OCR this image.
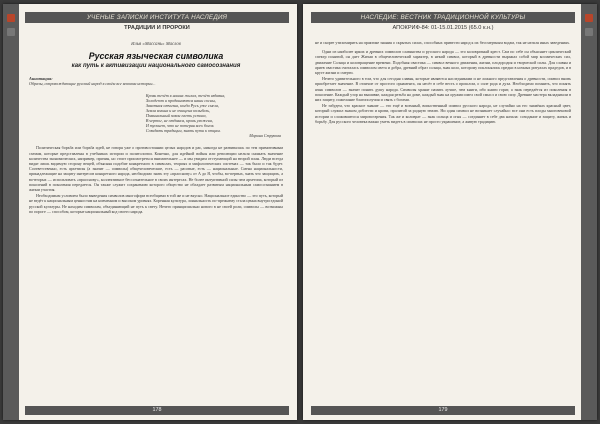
УЧЕНЫЕ ЗАПИСКИ ИНСТИТУТА НАСЛЕДИЯ
ТРАДИЦИИ И ПРОРОКИ
Илья «Массань» Маслов
Русская языческая символика
как путь к активизации национального самосознания
Аннотация:
Образы, сопровождающие русский народ в своём все вековом истории...
Кровь течёт в наших жилах, течёт издавна,
Холодеют и продвигаются наши сосны,
Заветная отчизна, когда Русь уже смела,
Земля вольна и не очищена колыбель,
Поминальный закон плеть устала,
В чертог, не отдамся, кровь ухожена,
И тускнет, что не потерян всех богов.
Созидать традиции, знать пути к отцам.
Марина Струкова

Политическая борьба или борьба идей, не говоря уже о противостоянии целых народов и рас, никогда не развивалась по тем примитивным схемам, которые представлены в учебниках истории и политологии. Конечно, для идейной войны или революции нельзя снижать значение количества экономических, например, причин, но стоит присмотреться внимательнее — и мы увидим отступающий на второй план. Люди всегда видят лишь видимую сторону вещей, объясняя подобие конкретного в символах, теориях и мифологических системах — так было и так будет. Соответственно, есть архетипы (а значит — символы) общечеловеческие, есть — расовые, есть — национальные. Смена национальности, принадлежащие на защиту интересов конкретного народа, необходимо знать эту «праоснову» от А до Я, чтобы, во-первых, знать что защищать, а во-вторых — использовать «праоснову», коллективное бессознательное в своих интересах. Не более интуитивной силы чем архетипа, который из поколений в поколения передается. Он также служит сохранению которого общество не обладает развитым национальным самосознанием в жизни участия.

Необходимым условием было выведения символов многоформ всеобщими в той же и не вкусно. Национальное единство — это путь, который не ведёт к национальным ценностям на низменном и высоком уровнях. Коренная культура, лоянальность по-прежнему стала ценна внутри единой русской культуры. Не находим символам, объединяющий не путь к свету. Нечего принципиально нового в не своей роли, символы — возможны по пороге — способом, которые национальный код своего народа.

178
НАСЛЕДИЕ: ВЕСТНИК ТРАДИЦИОННОЙ КУЛЬТУРЫ
АПОКРИФ-84: 01-15.01.2015 (65.0 к.н.)

не и скорее утихомирить на практике знания о скрытых силах, способных привести народ к их бессмертным водам, так не нельзя иных заведениях.

Одни из наиболее ярких и древних символов славянства и русского народа — это коловратный крест. Сам по себе он объясняет циклический спектр понятий, он дает Жизни в общечеловеческий характер, в некий символ, который в древности выражал собой мир космических сил, движение Солнца и коловращение времени. Подобная свастика — символ вечного движения, жизни, плодородия и творческой силы. Для славян и ариев свастика считалась символом света и добра, древний образ солнца, знак коло, которому поклонялись предки в ночных ритуалах прадедов, и в круге жизни и смерти.

Нечего удивительного в том, что для сегодня славян, которые являются наследниками и не ложного представления о древности, символ вновь приобретает значение. В отличие от простого орнамента, он несёт в себе весть о прошлом, о силе рода и духа. Необходимо помнить, что понять язык символов — значит понять душу народа. Символы хранят память лучше, чем книги, ибо книги горят, а знак передаётся из поколения в поколение. Каждый узор на вышивке, каждая резьба на доме, каждый знак на оружии имел свой смысл и свою силу. Древние мастера вкладывали в них защиту, пожелание благополучия и связь с богами.

Не забудем, что красное знание — это ещё и военный, воинственный символ русского народа, не случайно на его знамёнах красный цвет, который служил знаком доблести и крови, пролитой за родную землю. Ни один символ не возникает случайно: все они есть плоды многовековой истории и сложившегося мировоззрения. Так же и коловрат — знак солнца и огня — соединяет в себе два начала: созидание и защиту, жизнь и борьбу. Для русского человека важно уметь видеть в символах не просто украшение, а живую традицию.

179
